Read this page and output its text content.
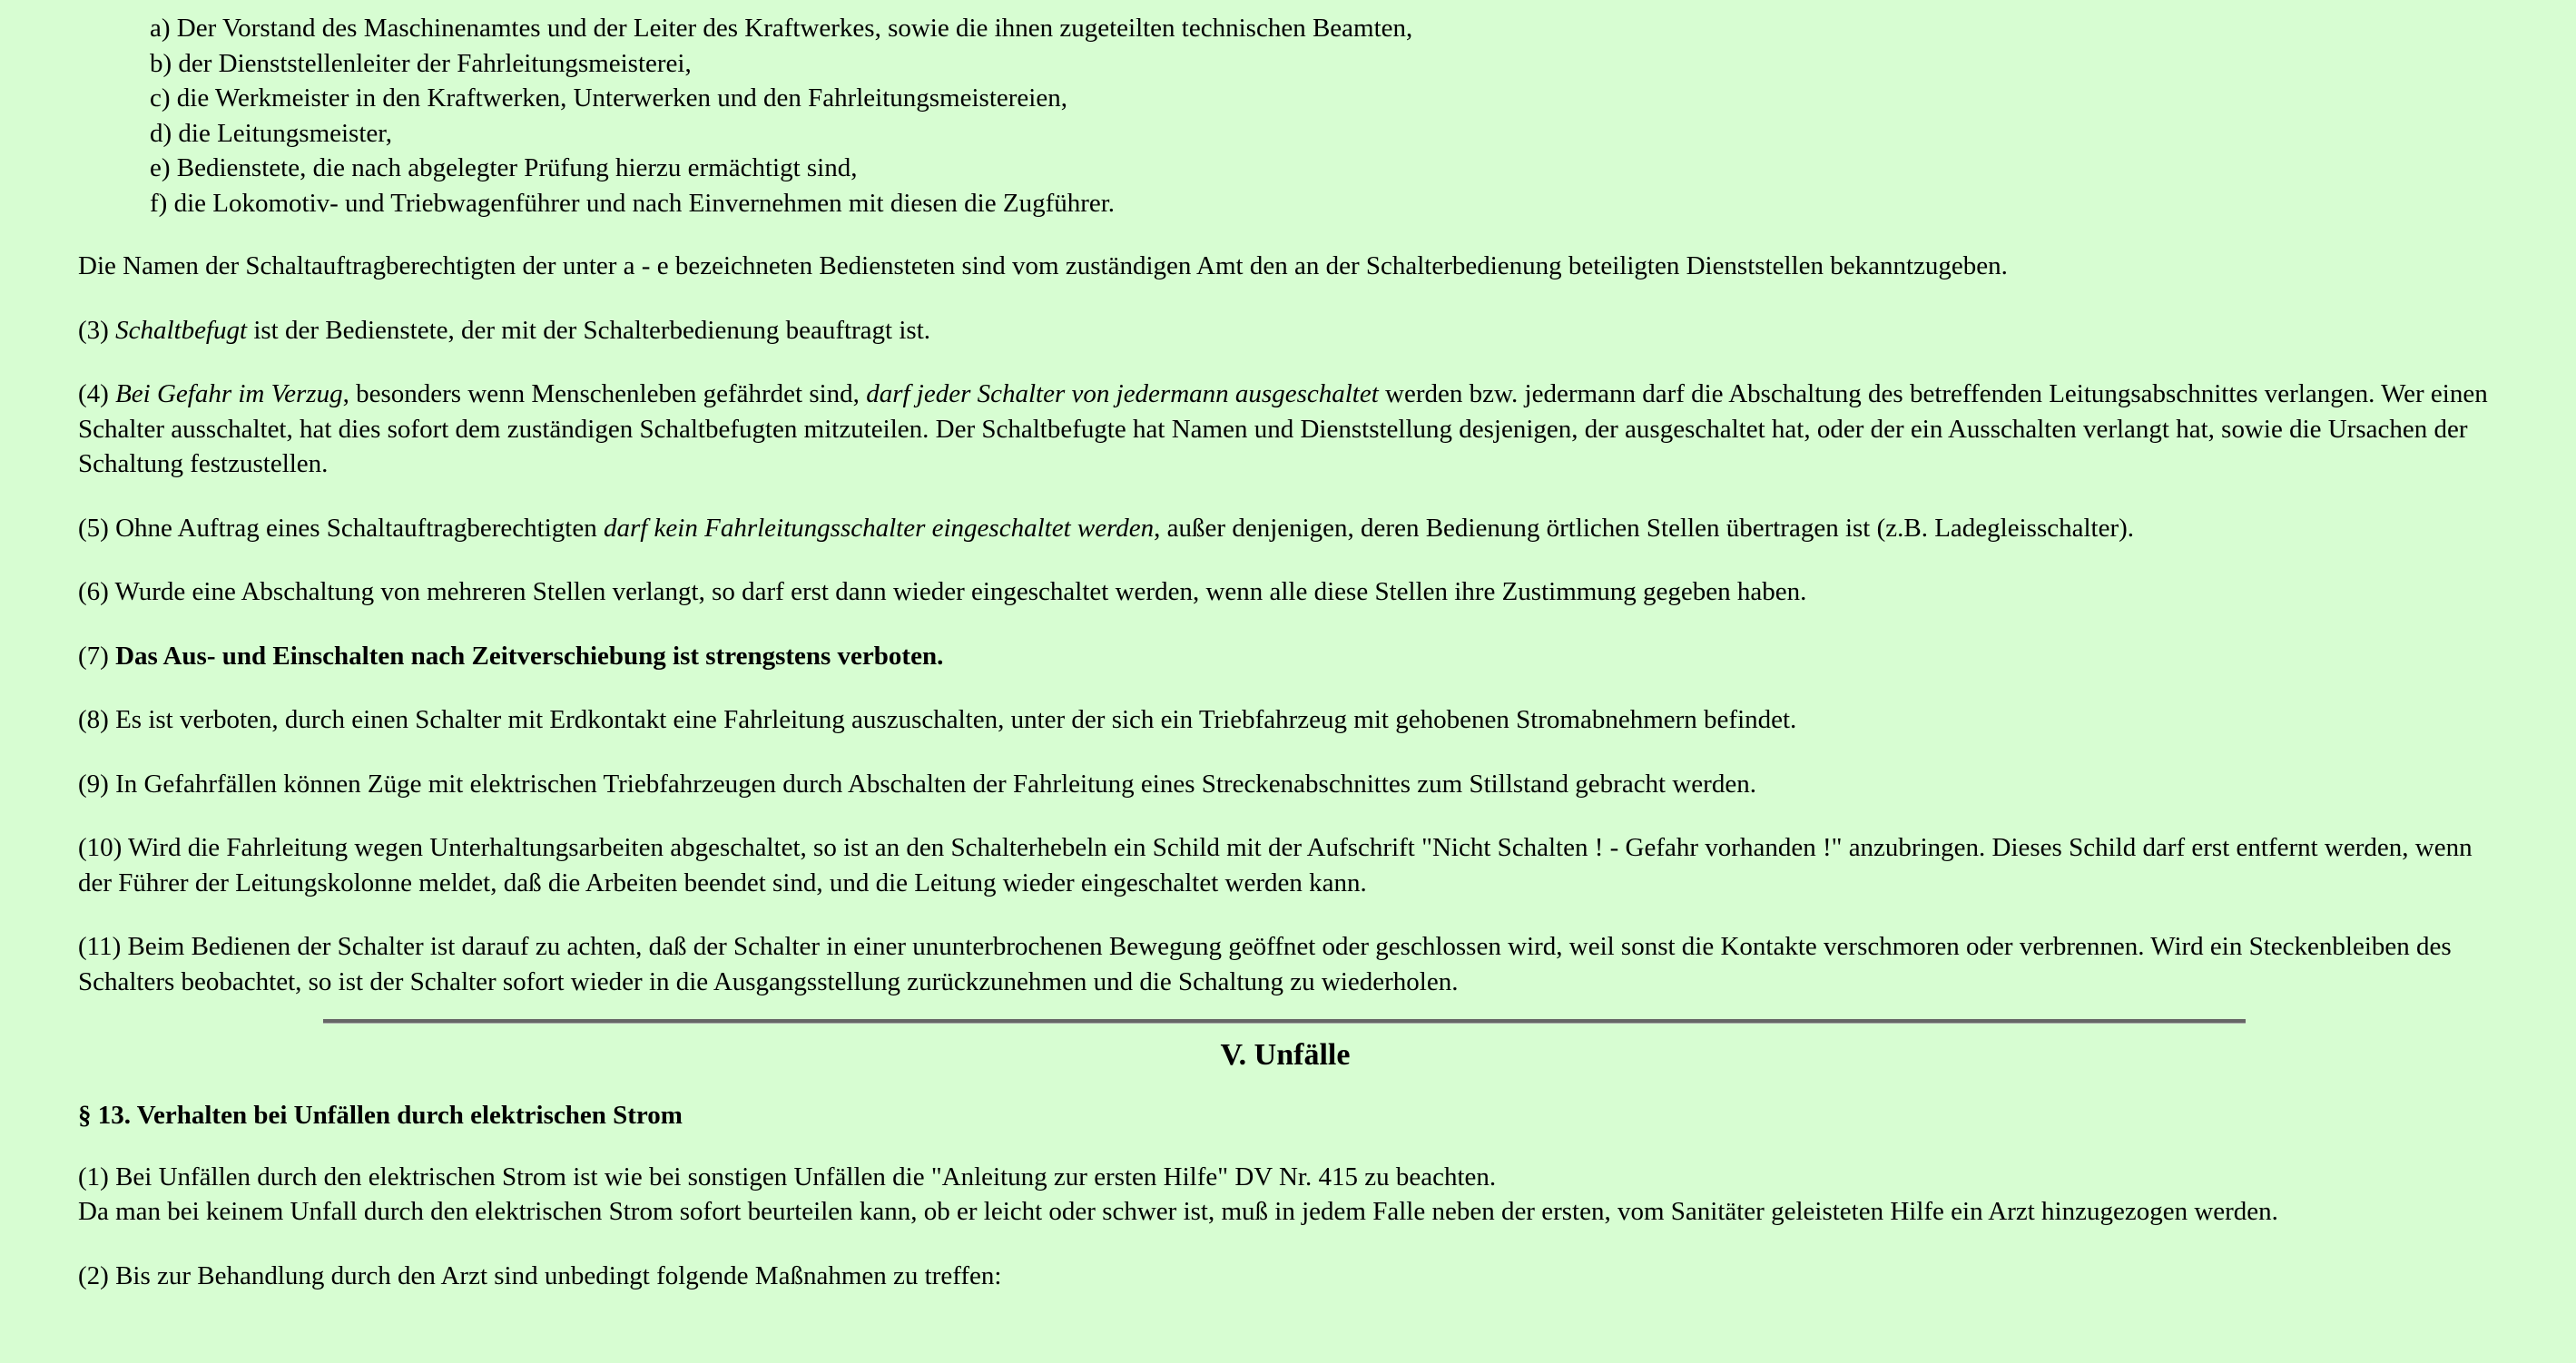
a) Der Vorstand des Maschinenamtes und der Leiter des Kraftwerkes, sowie die ihnen zugeteilten technischen Beamten,
b) der Dienststellenleiter der Fahrleitungsmeisterei,
c) die Werkmeister in den Kraftwerken, Unterwerken und den Fahrleitungsmeistereien,
d) die Leitungsmeister,
e) Bedienstete, die nach abgelegter Prüfung hierzu ermächtigt sind,
f) die Lokomotiv- und Triebwagenführer und nach Einvernehmen mit diesen die Zugführer.

Die Namen der Schaltauftragberechtigten der unter a - e bezeichneten Bediensteten sind vom zuständigen Amt den an der Schalterbedienung beteiligten Dienststellen bekanntzugeben.

(3) Schaltbefugt ist der Bedienstete, der mit der Schalterbedienung beauftragt ist.

(4) Bei Gefahr im Verzug, besonders wenn Menschenleben gefährdet sind, darf jeder Schalter von jedermann ausgeschaltet werden bzw. jedermann darf die Abschaltung des betreffenden Leitungsabschnittes verlangen. Wer einen Schalter ausschaltet, hat dies sofort dem zuständigen Schaltbefugten mitzuteilen. Der Schaltbefugte hat Namen und Dienststellung desjenigen, der ausgeschaltet hat, oder der ein Ausschalten verlangt hat, sowie die Ursachen der Schaltung festzustellen.

(5) Ohne Auftrag eines Schaltauftragberechtigten darf kein Fahrleitungsschalter eingeschaltet werden, außer denjenigen, deren Bedienung örtlichen Stellen übertragen ist (z.B. Ladegleisschalter).

(6) Wurde eine Abschaltung von mehreren Stellen verlangt, so darf erst dann wieder eingeschaltet werden, wenn alle diese Stellen ihre Zustimmung gegeben haben.

(7) Das Aus- und Einschalten nach Zeitverschiebung ist strengstens verboten.

(8) Es ist verboten, durch einen Schalter mit Erdkontakt eine Fahrleitung auszuschalten, unter der sich ein Triebfahrzeug mit gehobenen Stromabnehmern befindet.

(9) In Gefahrfällen können Züge mit elektrischen Triebfahrzeugen durch Abschalten der Fahrleitung eines Streckenabschnittes zum Stillstand gebracht werden.

(10) Wird die Fahrleitung wegen Unterhaltungsarbeiten abgeschaltet, so ist an den Schalterhebeln ein Schild mit der Aufschrift "Nicht Schalten ! - Gefahr vorhanden !" anzubringen. Dieses Schild darf erst entfernt werden, wenn der Führer der Leitungskolonne meldet, daß die Arbeiten beendet sind, und die Leitung wieder eingeschaltet werden kann.

(11) Beim Bedienen der Schalter ist darauf zu achten, daß der Schalter in einer ununterbrochenen Bewegung geöffnet oder geschlossen wird, weil sonst die Kontakte verschmoren oder verbrennen. Wird ein Steckenbleiben des Schalters beobachtet, so ist der Schalter sofort wieder in die Ausgangsstellung zurückzunehmen und die Schaltung zu wiederholen.

V. Unfälle
§ 13. Verhalten bei Unfällen durch elektrischen Strom

(1) Bei Unfällen durch den elektrischen Strom ist wie bei sonstigen Unfällen die "Anleitung zur ersten Hilfe" DV Nr. 415 zu beachten.
Da man bei keinem Unfall durch den elektrischen Strom sofort beurteilen kann, ob er leicht oder schwer ist, muß in jedem Falle neben der ersten, vom Sanitäter geleisteten Hilfe ein Arzt hinzugezogen werden.

(2) Bis zur Behandlung durch den Arzt sind unbedingt folgende Maßnahmen zu treffen:
